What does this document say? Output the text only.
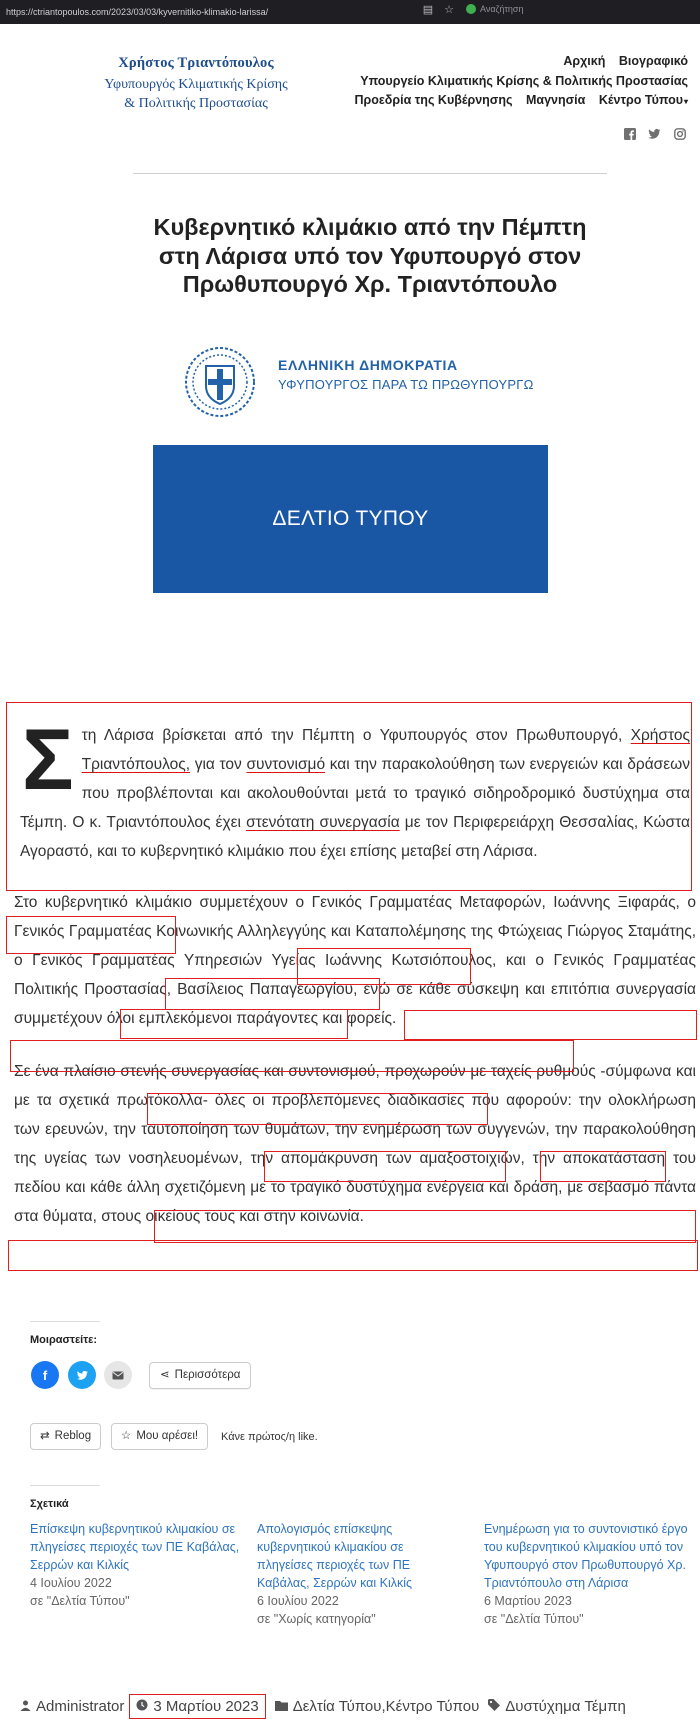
https://ctriantopoulos.com/2023/03/03/kyvernitiko-klimakio-larissa/	▤ ☆	Αναζήτηση
Χρήστος Τριαντόπουλος
Υφυπουργός Κλιματικής Κρίσης
& Πολιτικής Προστασίας
Αρχική Βιογραφικό
Υπουργείο Κλιματικής Κρίσης & Πολιτικής Προστασίας
Προεδρία της Κυβέρνησης Μαγνησία Κέντρο Τύπου▾
Κυβερνητικό κλιμάκιο από την Πέμπτη στη Λάρισα υπό τον Υφυπουργό στον Πρωθυπουργό Χρ. Τριαντόπουλο
ΕΛΛΗΝΙΚΗ ΔΗΜΟΚΡΑΤΙΑ
ΥΦΥΠΟΥΡΓΟΣ ΠΑΡΑ ΤΩ ΠΡΩΘΥΠΟΥΡΓΩ
ΔΕΛΤΙΟ ΤΥΠΟΥ
Στη Λάρισα βρίσκεται από την Πέμπτη ο Υφυπουργός στον Πρωθυπουργό, Χρήστος Τριαντόπουλος, για τον συντονισμό και την παρακολούθηση των ενεργειών και δράσεων που προβλέπονται και ακολουθούνται μετά το τραγικό σιδηροδρομικό δυστύχημα στα Τέμπη. Ο κ. Τριαντόπουλος έχει στενότατη συνεργασία με τον Περιφερειάρχη Θεσσαλίας, Κώστα Αγοραστό, και το κυβερνητικό κλιμάκιο που έχει επίσης μεταβεί στη Λάρισα.
Στο κυβερνητικό κλιμάκιο συμμετέχουν ο Γενικός Γραμματέας Μεταφορών, Ιωάννης Ξιφαράς, ο Γενικός Γραμματέας Κοινωνικής Αλληλεγγύης και Καταπολέμησης της Φτώχειας Γιώργος Σταμάτης, ο Γενικός Γραμματέας Υπηρεσιών Υγείας Ιωάννης Κωτσιόπουλος, και ο Γενικός Γραμματέας Πολιτικής Προστασίας, Βασίλειος Παπαγεωργίου, ενώ σε κάθε σύσκεψη και επιτόπια συνεργασία συμμετέχουν όλοι εμπλεκόμενοι παράγοντες και φορείς.
Σε ένα πλαίσιο στενής συνεργασίας και συντονισμού, προχωρούν με ταχείς ρυθμούς -σύμφωνα και με τα σχετικά πρωτόκολλα- όλες οι προβλεπόμενες διαδικασίες που αφορούν: την ολοκλήρωση των ερευνών, την ταυτοποίηση των θυμάτων, την ενημέρωση των συγγενών, την παρακολούθηση της υγείας των νοσηλευομένων, την απομάκρυνση των αμαξοστοιχιών, την αποκατάσταση του πεδίου και κάθε άλλη σχετιζόμενη με το τραγικό δυστύχημα ενέργεια και δράση, με σεβασμό πάντα στα θύματα, στους οικείους τους και στην κοινωνία.
Μοιραστείτε:
f	⋖ Περισσότερα
⇄ Reblog	☆ Μου αρέσει! Κάνε πρώτος/η like.
Σχετικά
Επίσκεψη κυβερνητικού κλιμακίου σε πληγείσες περιοχές των ΠΕ Καβάλας, Σερρών και Κιλκίς
4 Ιουλίου 2022
σε "Δελτία Τύπου"
Απολογισμός επίσκεψης κυβερνητικού κλιμακίου σε πληγείσες περιοχές των ΠΕ Καβάλας, Σερρών και Κιλκίς
6 Ιουλίου 2022
σε "Χωρίς κατηγορία"
Ενημέρωση για το συντονιστικό έργο του κυβερνητικού κλιμακίου υπό τον Υφυπουργό στον Πρωθυπουργό Χρ. Τριαντόπουλο στη Λάρισα
6 Μαρτίου 2023
σε "Δελτία Τύπου"
Administrator 3 Μαρτίου 2023 Δελτία Τύπου,Κέντρο Τύπου Δυστύχημα Τέμπη
